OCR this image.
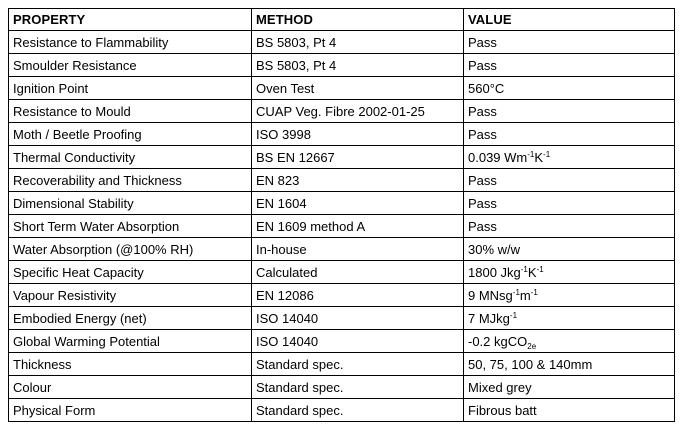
PROPERTY	METHOD	VALUE
Resistance to Flammability	BS 5803, Pt 4	Pass
Smoulder Resistance	BS 5803, Pt 4	Pass
Ignition Point	Oven Test	560°C
Resistance to Mould	CUAP Veg. Fibre 2002-01-25	Pass
Moth / Beetle Proofing	ISO 3998	Pass
Thermal Conductivity	BS EN 12667	0.039 $Wm^{-1}K^{-1}$
Recoverability and Thickness	EN 823	Pass
Dimensional Stability	EN 1604	Pass
Short Term Water Absorption	EN 1609 method A	Pass
Water Absorption (@100% RH)	In-house	30% w/w
Specific Heat Capacity	Calculated	1800 $Jkg^{-1}K^{-1}$
Vapour Resistivity	EN 12086	9 $MNsg^{-1}m^{-1}$
Embodied Energy (net)	ISO 14040	7 MJkg$^{-1}$
Global Warming Potential	ISO 14040	-0.2 kgCO$_{2e}$
Thickness	Standard spec.	50, 75, 100 & 140mm
Colour	Standard spec.	Mixed grey
Physical Form	Standard spec.	Fibrous batt
